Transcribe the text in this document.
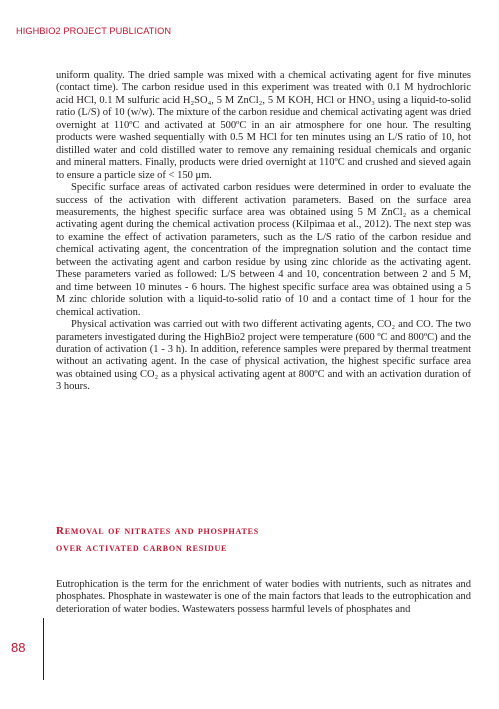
HIGHBIO2 PROJECT PUBLICATION

uniform quality. The dried sample was mixed with a chemical activating agent for five minutes (contact time). The carbon residue used in this experiment was treated with 0.1 M hydrochloric acid HCl, 0.1 M sulfuric acid H₂SO₄, 5 M ZnCl₂, 5 M KOH, HCl or HNO₃ using a liquid-to-solid ratio (L/S) of 10 (w/w). The mixture of the carbon residue and chemical activating agent was dried overnight at 110ºC and activated at 500ºC in an air atmosphere for one hour. The resulting products were washed sequentially with 0.5 M HCl for ten minutes using an L/S ratio of 10, hot distilled water and cold distilled water to remove any remaining residual chemicals and organic and mineral matters. Finally, products were dried overnight at 110ºC and crushed and sieved again to ensure a particle size of < 150 μm.

Specific surface areas of activated carbon residues were determined in order to evaluate the success of the activation with different activation parameters. Based on the surface area measurements, the highest specific surface area was obtained using 5 M ZnCl₂ as a chemical activating agent during the chemical activation process (Kilpimaa et al., 2012). The next step was to examine the effect of activation parameters, such as the L/S ratio of the carbon residue and chemical activating agent, the concentration of the impregnation solution and the contact time between the activating agent and carbon residue by using zinc chloride as the activating agent. These parameters varied as followed: L/S between 4 and 10, concentration between 2 and 5 M, and time between 10 minutes - 6 hours. The highest specific surface area was obtained using a 5 M zinc chloride solution with a liquid-to-solid ratio of 10 and a contact time of 1 hour for the chemical activation.

Physical activation was carried out with two different activating agents, CO₂ and CO. The two parameters investigated during the HighBio2 project were temperature (600 ºC and 800ºC) and the duration of activation (1 - 3 h). In addition, reference samples were prepared by thermal treatment without an activating agent. In the case of physical activation, the highest specific surface area was obtained using CO₂ as a physical activating agent at 800ºC and with an activation duration of 3 hours.

Removal of nitrates and phosphates
over activated carbon residue

Eutrophication is the term for the enrichment of water bodies with nutrients, such as nitrates and phosphates. Phosphate in wastewater is one of the main factors that leads to the eutrophication and deterioration of water bodies. Wastewaters possess harmful levels of phosphates and

88
